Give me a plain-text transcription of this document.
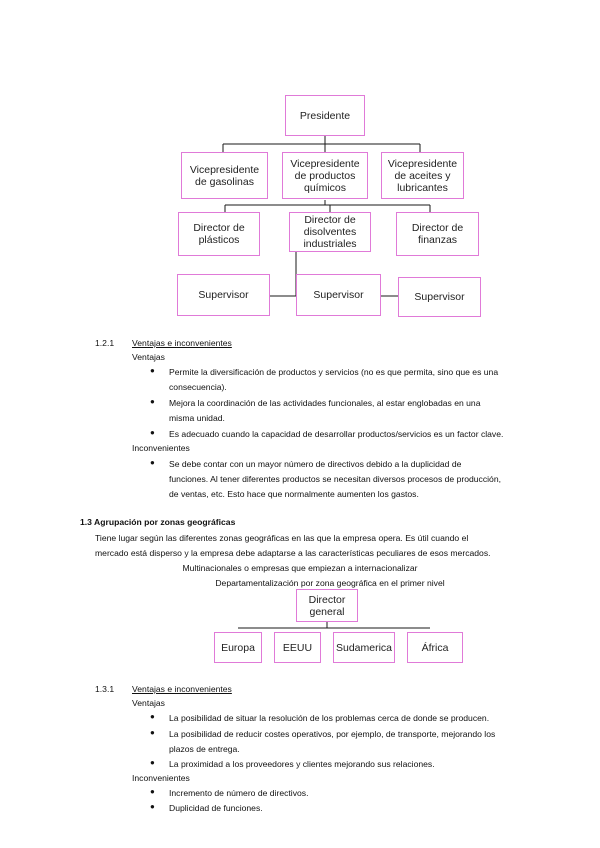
Presidente
Vicepresidente de gasolinas
Vicepresidente de productos químicos
Vicepresidente de aceites y lubricantes
Director de plásticos
Director de disolventes industriales
Director de finanzas
Supervisor	Supervisor	Supervisor
1.2.1 Ventajas e inconvenientes
Ventajas
● Permite la diversificación de productos y servicios (no es que permita, sino que es una
consecuencia).
● Mejora la coordinación de las actividades funcionales, al estar englobadas en una
misma unidad.
● Es adecuado cuando la capacidad de desarrollar productos/servicios es un factor clave.
Inconvenientes
● Se debe contar con un mayor número de directivos debido a la duplicidad de
funciones. Al tener diferentes productos se necesitan diversos procesos de producción,
de ventas, etc. Esto hace que normalmente aumenten los gastos.
1.3 Agrupación por zonas geográficas
Tiene lugar según las diferentes zonas geográficas en las que la empresa opera. Es útil cuando el
mercado está disperso y la empresa debe adaptarse a las características peculiares de esos mercados.
Multinacionales o empresas que empiezan a internacionalizar
Departamentalización por zona geográfica en el primer nivel
Director general
Europa	EEUU Sudamerica	África
1.3.1 Ventajas e inconvenientes
Ventajas
● La posibilidad de situar la resolución de los problemas cerca de donde se producen.
● La posibilidad de reducir costes operativos, por ejemplo, de transporte, mejorando los
plazos de entrega.
● La proximidad a los proveedores y clientes mejorando sus relaciones.
Inconvenientes
● Incremento de número de directivos.
● Duplicidad de funciones.
